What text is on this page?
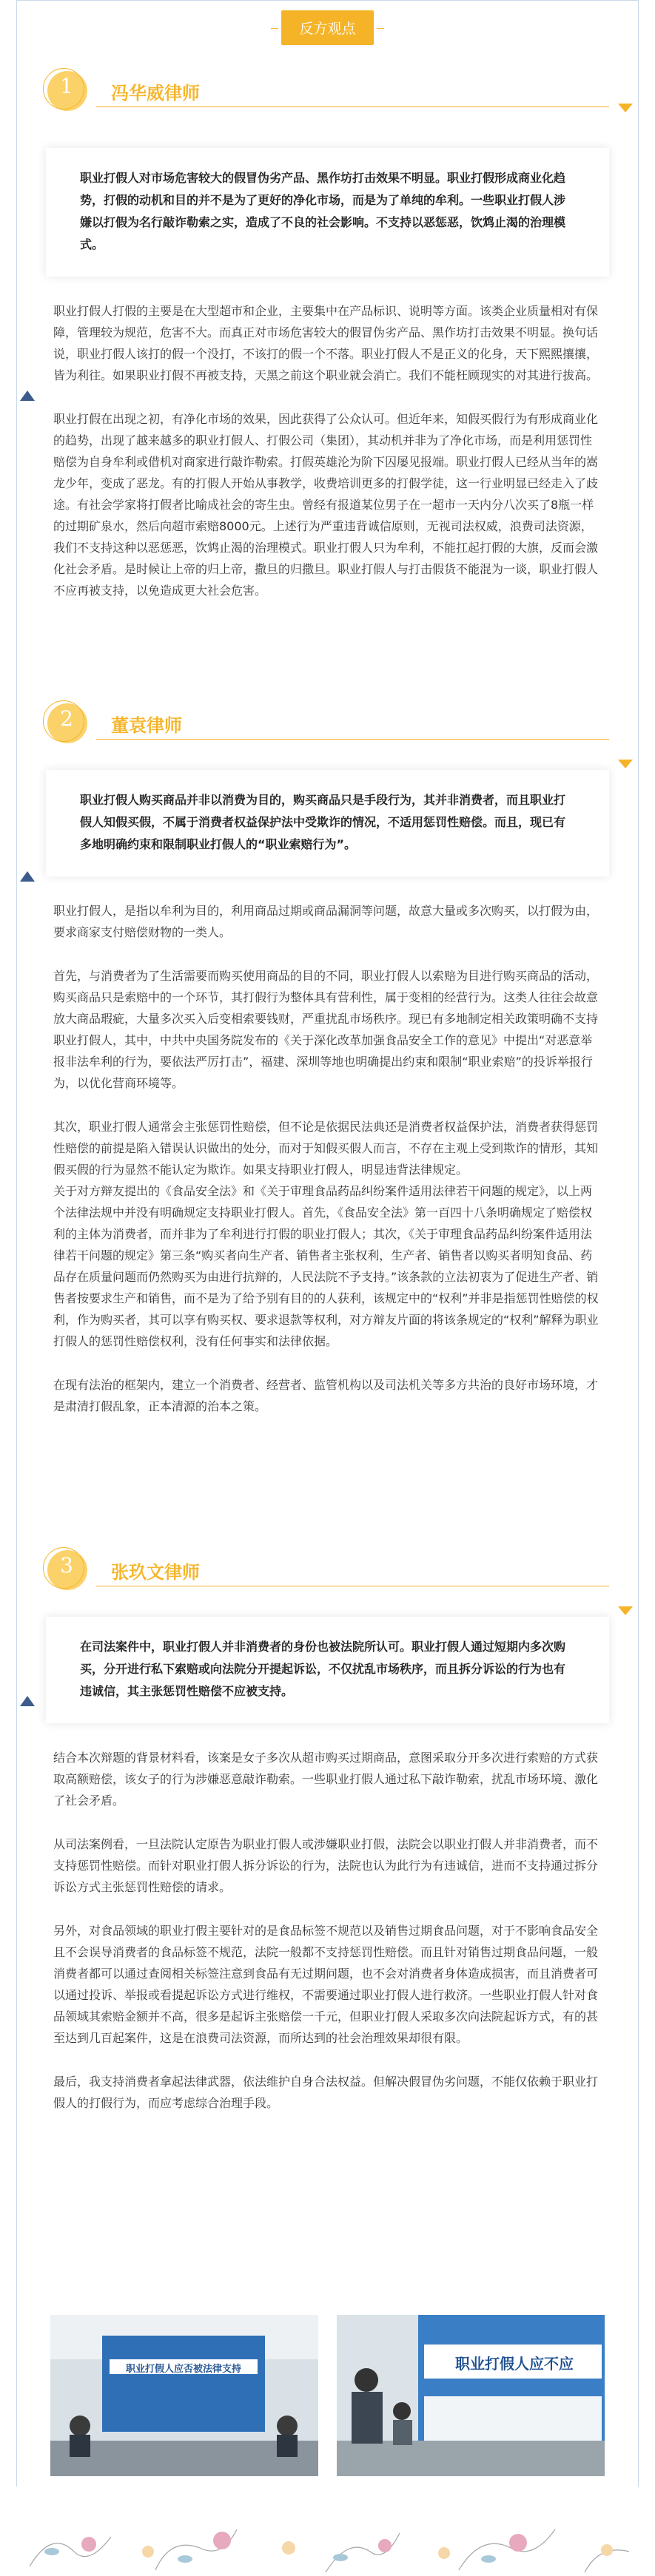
反方观点
1	冯华威律师
职业打假人对市场危害较大的假冒伪劣产品、黑作坊打击效果不明显。职业打假形成商业化趋势，打假的动机和目的并不是为了更好的净化市场，而是为了单纯的牟利。一些职业打假人涉嫌以打假为名行敲诈勒索之实，造成了不良的社会影响。不支持以恶惩恶，饮鸩止渴的治理模式。

职业打假人打假的主要是在大型超市和企业，主要集中在产品标识、说明等方面。该类企业质量相对有保障，管理较为规范，危害不大。而真正对市场危害较大的假冒伪劣产品、黑作坊打击效果不明显。换句话说，职业打假人该打的假一个没打，不该打的假一个不落。职业打假人不是正义的化身，天下熙熙攘攘，皆为利往。如果职业打假不再被支持，天黑之前这个职业就会消亡。我们不能枉顾现实的对其进行拔高。

职业打假在出现之初，有净化市场的效果，因此获得了公众认可。但近年来，知假买假行为有形成商业化的趋势，出现了越来越多的职业打假人、打假公司（集团），其动机并非为了净化市场，而是利用惩罚性赔偿为自身牟利或借机对商家进行敲诈勒索。打假英雄沦为阶下囚屡见报端。职业打假人已经从当年的嵩龙少年，变成了恶龙。有的打假人开始从事教学，收费培训更多的打假学徒，这一行业明显已经走入了歧途。有社会学家将打假者比喻成社会的寄生虫。曾经有报道某位男子在一超市一天内分八次买了8瓶一样的过期矿泉水，然后向超市索赔8000元。上述行为严重违背诚信原则，无视司法权威，浪费司法资源，我们不支持这种以恶惩恶，饮鸩止渴的治理模式。职业打假人只为牟利，不能扛起打假的大旗，反而会激化社会矛盾。是时候让上帝的归上帝，撒旦的归撒旦。职业打假人与打击假货不能混为一谈，职业打假人不应再被支持，以免造成更大社会危害。

2	董袁律师
职业打假人购买商品并非以消费为目的，购买商品只是手段行为，其并非消费者，而且职业打假人知假买假，不属于消费者权益保护法中受欺诈的情况，不适用惩罚性赔偿。而且，现已有多地明确约束和限制职业打假人的“职业索赔行为”。

职业打假人，是指以牟利为目的，利用商品过期或商品漏洞等问题，故意大量或多次购买，以打假为由，要求商家支付赔偿财物的一类人。

首先，与消费者为了生活需要而购买使用商品的目的不同，职业打假人以索赔为目进行购买商品的活动，购买商品只是索赔中的一个环节，其打假行为整体具有营利性，属于变相的经营行为。这类人往往会故意放大商品瑕疵，大量多次买入后变相索要钱财，严重扰乱市场秩序。现已有多地制定相关政策明确不支持职业打假人，其中，中共中央国务院发布的《关于深化改革加强食品安全工作的意见》中提出“对恶意举报非法牟利的行为，要依法严厉打击”，福建、深圳等地也明确提出约束和限制“职业索赔”的投诉举报行为，以优化营商环境等。

其次，职业打假人通常会主张惩罚性赔偿，但不论是依据民法典还是消费者权益保护法，消费者获得惩罚性赔偿的前提是陷入错误认识做出的处分，而对于知假买假人而言，不存在主观上受到欺诈的情形，其知假买假的行为显然不能认定为欺诈。如果支持职业打假人，明显违背法律规定。
关于对方辩友提出的《食品安全法》和《关于审理食品药品纠纷案件适用法律若干问题的规定》，以上两个法律法规中并没有明确规定支持职业打假人。首先，《食品安全法》第一百四十八条明确规定了赔偿权利的主体为消费者，而并非为了牟利进行打假的职业打假人；其次，《关于审理食品药品纠纷案件适用法律若干问题的规定》第三条“购买者向生产者、销售者主张权利，生产者、销售者以购买者明知食品、药品存在质量问题而仍然购买为由进行抗辩的，人民法院不予支持。”该条款的立法初衷为了促进生产者、销售者按要求生产和销售，而不是为了给予别有目的的人获利，该规定中的“权利”并非是指惩罚性赔偿的权利，作为购买者，其可以享有购买权、要求退款等权利，对方辩友片面的将该条规定的“权利”解释为职业打假人的惩罚性赔偿权利，没有任何事实和法律依据。

在现有法治的框架内，建立一个消费者、经营者、监管机构以及司法机关等多方共治的良好市场环境，才是肃清打假乱象，正本清源的治本之策。

3	张玖文律师
在司法案件中，职业打假人并非消费者的身份也被法院所认可。职业打假人通过短期内多次购买，分开进行私下索赔或向法院分开提起诉讼，不仅扰乱市场秩序，而且拆分诉讼的行为也有违诚信，其主张惩罚性赔偿不应被支持。

结合本次辩题的背景材料看，该案是女子多次从超市购买过期商品，意图采取分开多次进行索赔的方式获取高额赔偿，该女子的行为涉嫌恶意敲诈勒索。一些职业打假人通过私下敲诈勒索，扰乱市场环境、激化了社会矛盾。

从司法案例看，一旦法院认定原告为职业打假人或涉嫌职业打假，法院会以职业打假人并非消费者，而不支持惩罚性赔偿。而针对职业打假人拆分诉讼的行为，法院也认为此行为有违诚信，进而不支持通过拆分诉讼方式主张惩罚性赔偿的请求。

另外，对食品领域的职业打假主要针对的是食品标签不规范以及销售过期食品问题，对于不影响食品安全且不会误导消费者的食品标签不规范，法院一般都不支持惩罚性赔偿。而且针对销售过期食品问题，一般消费者都可以通过查阅相关标签注意到食品有无过期问题，也不会对消费者身体造成损害，而且消费者可以通过投诉、举报或看提起诉讼方式进行维权，不需要通过职业打假人进行救济。一些职业打假人针对食品领域其索赔金额并不高，很多是起诉主张赔偿一千元，但职业打假人采取多次向法院起诉方式，有的甚至达到几百起案件，这是在浪费司法资源，而所达到的社会治理效果却很有限。

最后，我支持消费者拿起法律武器，依法维护自身合法权益。但解决假冒伪劣问题，不能仅依赖于职业打假人的打假行为，而应考虑综合治理手段。

职业打假人应否被法律支持	职业打假人应不应
